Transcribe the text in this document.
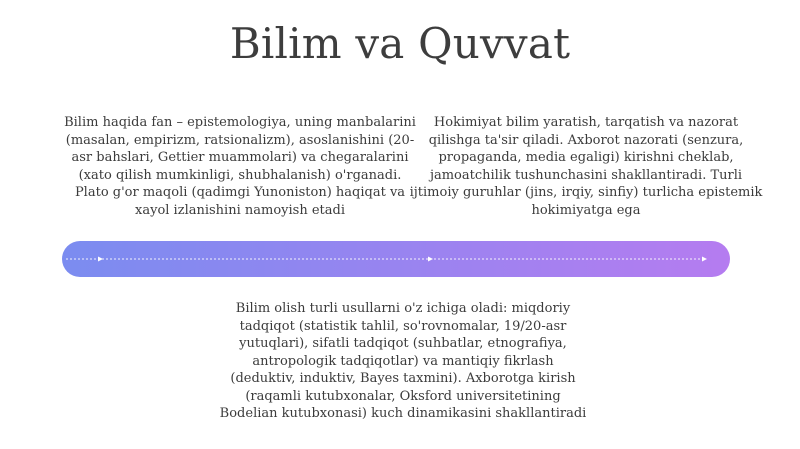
Bilim va Quvvat
Bilim haqida fan – epistemologiya, uning manbalarini (masalan, empirizm, ratsionalizm), asoslanishini (20-asr bahslari, Gettier muammolari) va chegaralarini (xato qilish mumkinligi, shubhalanish) o'rganadi. Plato g'or maqoli (qadimgi Yunoniston) haqiqat va xayol izlanishini namoyish etadi
Hokimiyat bilim yaratish, tarqatish va nazorat qilishga ta'sir qiladi. Axborot nazorati (senzura, propaganda, media egaligi) kirishni cheklab, jamoatchilik tushunchasini shakllantiradi. Turli ijtimoiy guruhlar (jins, irqiy, sinfiy) turlicha epistemik hokimiyatga ega
Bilim olish turli usullarni o'z ichiga oladi: miqdoriy tadqiqot (statistik tahlil, so'rovnomalar, 19/20-asr yutuqlari), sifatli tadqiqot (suhbatlar, etnografiya, antropologik tadqiqotlar) va mantiqiy fikrlash (deduktiv, induktiv, Bayes taxmini). Axborotga kirish (raqamli kutubxonalar, Oksford universitetining Bodelian kutubxonasi) kuch dinamikasini shakllantiradi
